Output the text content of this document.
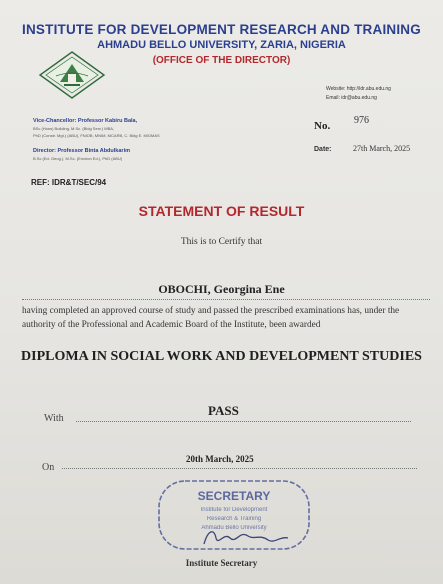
INSTITUTE FOR DEVELOPMENT RESEARCH AND TRAINING
AHMADU BELLO UNIVERSITY, ZARIA, NIGERIA
(OFFICE OF THE DIRECTOR)
Website: http://idr.abu.edu.ng
Email: idr@abu.edu.ng
Vice-Chancellor: Professor Kabiru Bala,
BSc (Hons) Building, M.Sc. (Bldg Serv.) MBA,
PhD (Constr. Mgt.) (ABU), FNIOB, MNIM, MCARB, C. Bldg E. MIOMAS
No. 976
Director: Professor Binta Abdulkarim
B.Sc (Ed. Geog.), M.Sc. (Environ Ed.), PhD (ABU)
Date:	27th March, 2025
REF: IDR&T/SEC/94
STATEMENT OF RESULT
This is to Certify that
OBOCHI, Georgina Ene
having completed an approved course of study and passed the prescribed examinations has, under the authority of the Professional and Academic Board of the Institute, been awarded
DIPLOMA IN SOCIAL WORK AND DEVELOPMENT STUDIES
With
PASS
On
20th March, 2025
SECRETARY
Institute for Development
Research & Training
Ahmadu Bello University
Institute Secretary
